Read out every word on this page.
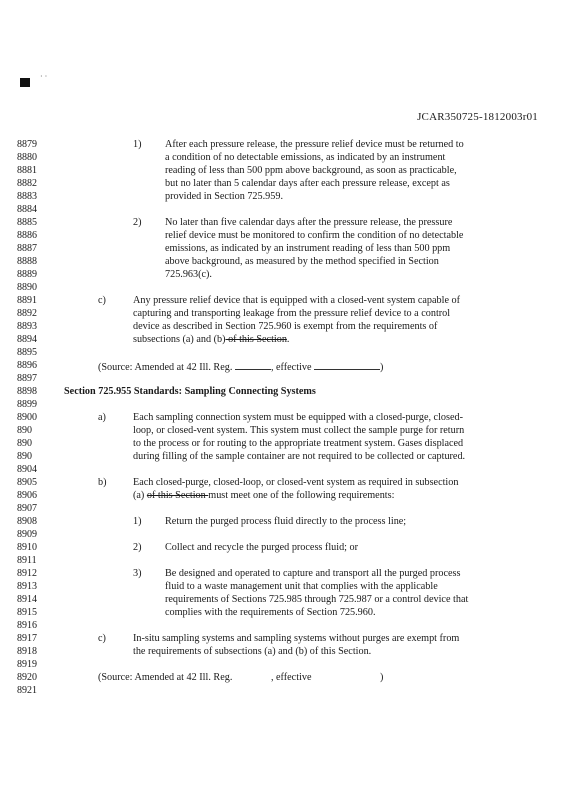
· ·
JCAR350725-1812003r01
8879
8880
8881
8882
8883
8884
8885
8886
8887
8888
8889
8890
8891
8892
8893
8894
8895
8896
8897
8898
8899
8900
890
890
890
8904
8905
8906
8907
8908
8909
8910
8911
8912
8913
8914
8915
8916
8917
8918
8919
8920
8921
1) After each pressure release, the pressure relief device must be returned to
a condition of no detectable emissions, as indicated by an instrument
reading of less than 500 ppm above background, as soon as practicable,
but no later than 5 calendar days after each pressure release, except as
provided in Section 725.959.
2) No later than five calendar days after the pressure release, the pressure
relief device must be monitored to confirm the condition of no detectable
emissions, as indicated by an instrument reading of less than 500 ppm
above background, as measured by the method specified in Section
725.963(c).
c)	Any pressure relief device that is equipped with a closed-vent system capable of
capturing and transporting leakage from the pressure relief device to a control
device as described in Section 725.960 is exempt from the requirements of
subsections (a) and (b) of this Section.
(Source: Amended at 42 Ill. Reg.	, effective	)
Section 725.955 Standards: Sampling Connecting Systems
a)	Each sampling connection system must be equipped with a closed-purge, closed-
loop, or closed-vent system. This system must collect the sample purge for return
to the process or for routing to the appropriate treatment system. Gases displaced
during filling of the sample container are not required to be collected or captured.
b)	Each closed-purge, closed-loop, or closed-vent system as required in subsection
(a) of this Section must meet one of the following requirements:
1) Return the purged process fluid directly to the process line;
2) Collect and recycle the purged process fluid; or
3) Be designed and operated to capture and transport all the purged process
fluid to a waste management unit that complies with the applicable
requirements of Sections 725.985 through 725.987 or a control device that
complies with the requirements of Section 725.960.
c)	In-situ sampling systems and sampling systems without purges are exempt from
the requirements of subsections (a) and (b) of this Section.
(Source: Amended at 42 Ill. Reg.	, effective	)
